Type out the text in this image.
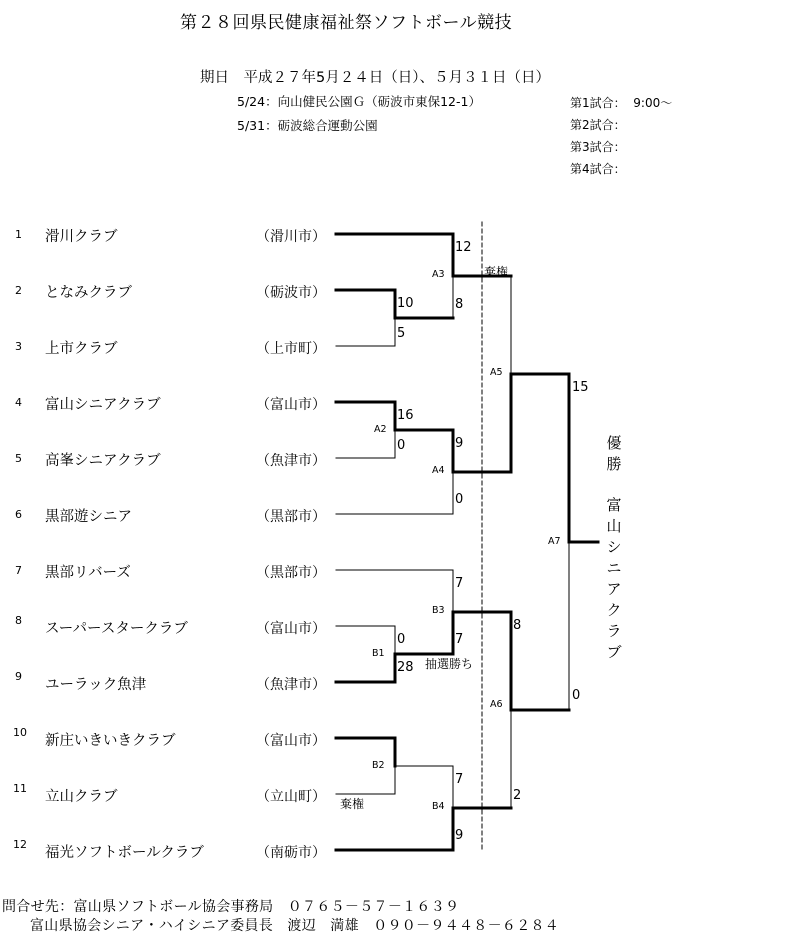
第２８回県民健康福祉祭ソフトボール競技
期日　平成２７年5月２４日（日）、５月３１日（日）
5/24：向山健民公園Ｇ（砺波市東保12-1）
5/31：砺波総合運動公園
第1試合： 9:00～
第2試合：
第3試合：
第4試合：
1 滑川クラブ	（滑川市）
2 となみクラブ	（砺波市）
3 上市クラブ	（上市町）
4 富山シニアクラブ	（富山市）
5 高峯シニアクラブ	（魚津市）
6 黒部遊シニア	（黒部市）
7 黒部リバーズ	（黒部市）
8
スーパースタークラブ	（富山市）
9
ユーラック魚津	（魚津市）
10
新庄いきいきクラブ	（富山市）
11
立山クラブ	（立山町）
12
福光ソフトボールクラブ	（南砺市）
A3
A2
A4
A5
A7
B3
B1
A6
B2
B4
12
8
10
5
16
0	9
0
15
7
7
0
28
8
0
7
9
2
棄権
抽選勝ち
棄権
優勝
富山シニアクラブ
問合せ先：富山県ソフトボール協会事務局　０７６５－５７－１６３９
富山県協会シニア・ハイシニア委員長　渡辺　満雄　０９０－９４４８－６２８４
